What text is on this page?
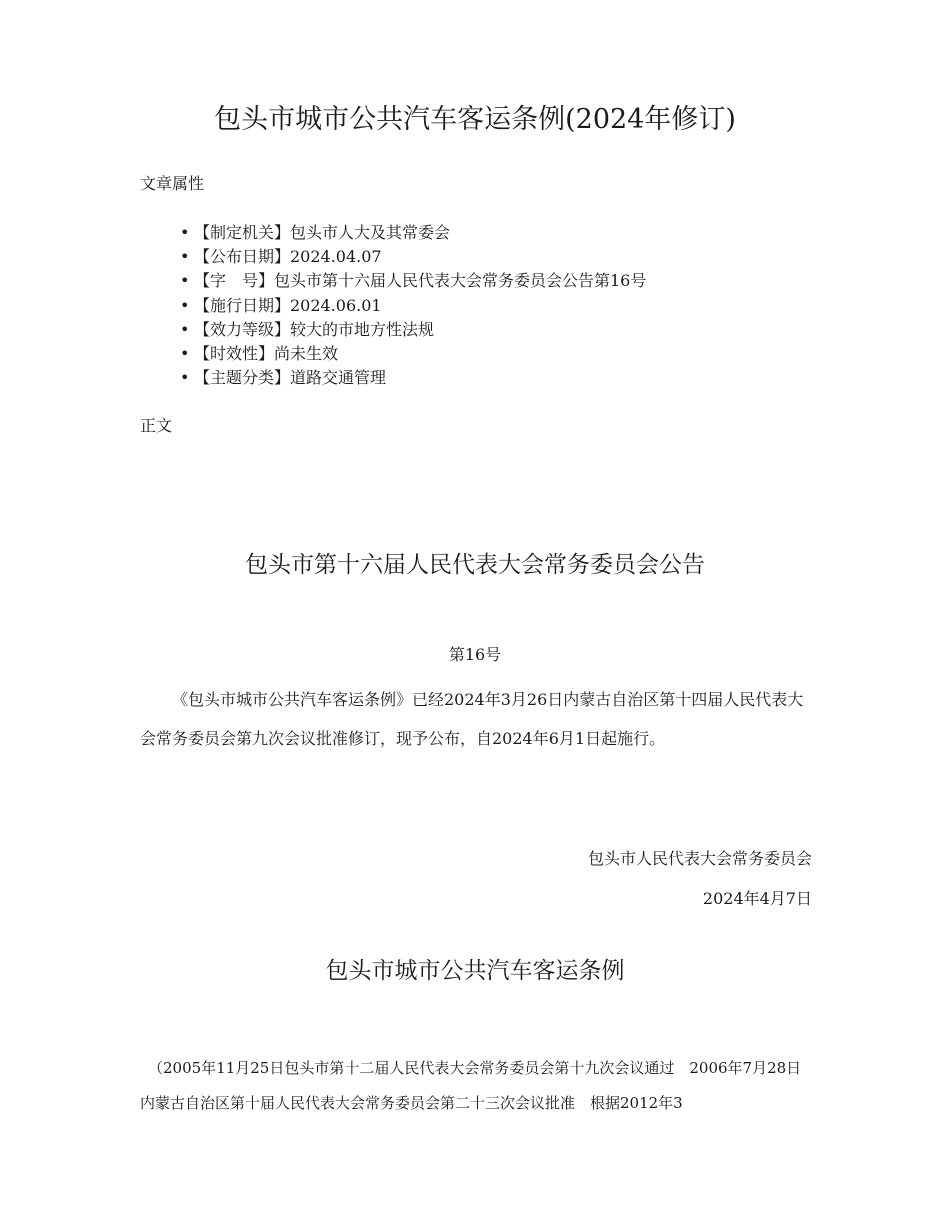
包头市城市公共汽车客运条例(2024年修订)
文章属性
• 【制定机关】包头市人大及其常委会
• 【公布日期】2024.04.07
• 【字　号】包头市第十六届人民代表大会常务委员会公告第16号
• 【施行日期】2024.06.01
• 【效力等级】较大的市地方性法规
• 【时效性】尚未生效
• 【主题分类】道路交通管理
正文
包头市第十六届人民代表大会常务委员会公告
第16号

《包头市城市公共汽车客运条例》已经2024年3月26日内蒙古自治区第十四届人民代表大会常务委员会第九次会议批准修订，现予公布，自2024年6月1日起施行。

包头市人民代表大会常务委员会
2024年4月7日
包头市城市公共汽车客运条例

（2005年11月25日包头市第十二届人民代表大会常务委员会第十九次会议通过　2006年7月28日内蒙古自治区第十届人民代表大会常务委员会第二十三次会议批准　根据2012年3
